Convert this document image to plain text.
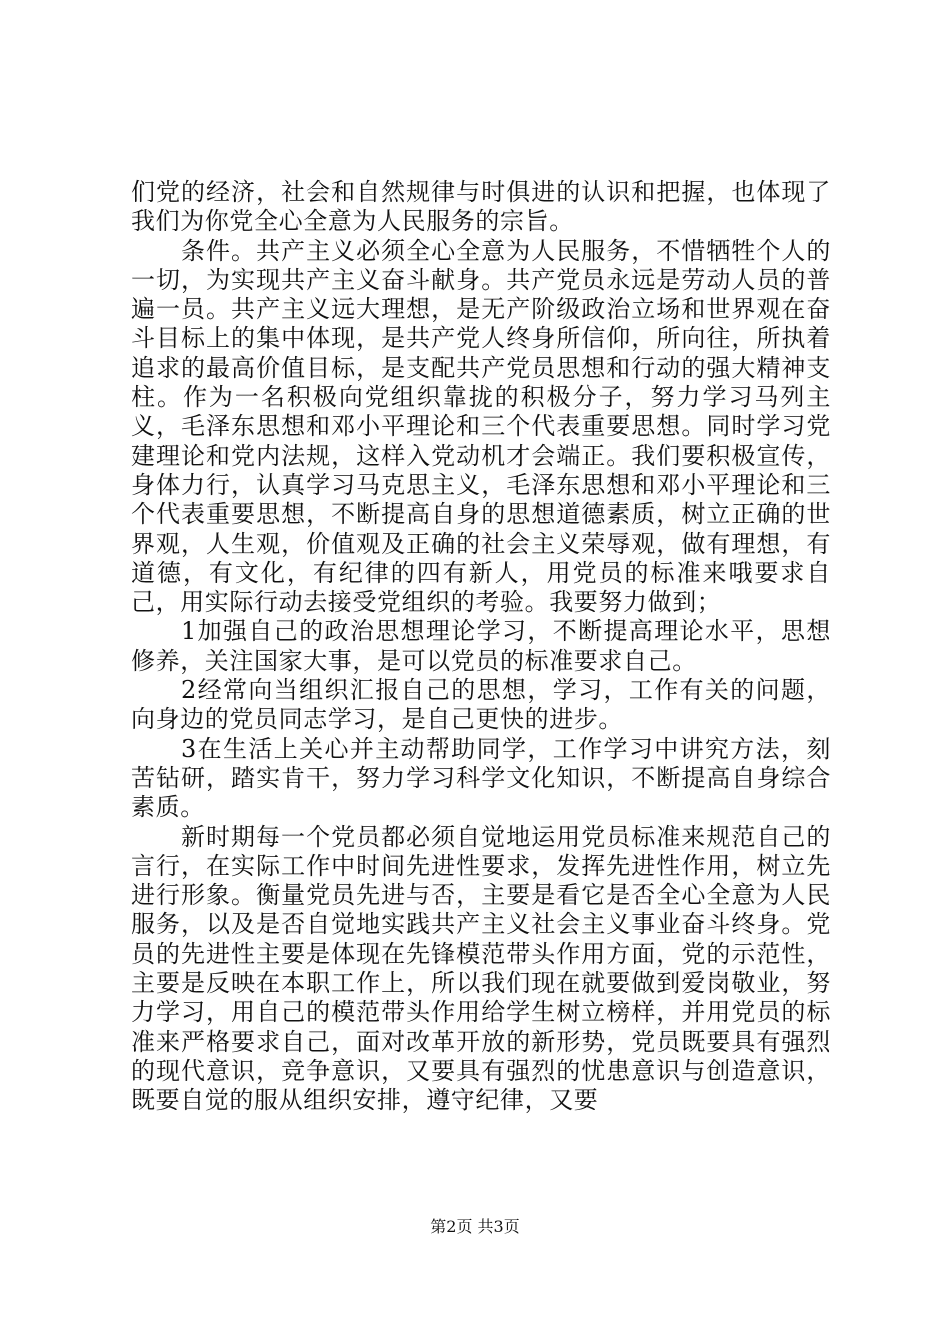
们党的经济，社会和自然规律与时俱进的认识和把握，也体现了我们为你党全心全意为人民服务的宗旨。

条件。共产主义必须全心全意为人民服务，不惜牺牲个人的一切，为实现共产主义奋斗献身。共产党员永远是劳动人员的普遍一员。共产主义远大理想，是无产阶级政治立场和世界观在奋斗目标上的集中体现，是共产党人终身所信仰，所向往，所执着追求的最高价值目标，是支配共产党员思想和行动的强大精神支柱。作为一名积极向党组织靠拢的积极分子，努力学习马列主义，毛泽东思想和邓小平理论和三个代表重要思想。同时学习党建理论和党内法规，这样入党动机才会端正。我们要积极宣传，身体力行，认真学习马克思主义，毛泽东思想和邓小平理论和三个代表重要思想，不断提高自身的思想道德素质，树立正确的世界观，人生观，价值观及正确的社会主义荣辱观，做有理想，有道德，有文化，有纪律的四有新人，用党员的标准来哦要求自己，用实际行动去接受党组织的考验。我要努力做到；

1加强自己的政治思想理论学习，不断提高理论水平，思想修养，关注国家大事，是可以党员的标准要求自己。

2经常向当组织汇报自己的思想，学习，工作有关的问题，向身边的党员同志学习，是自己更快的进步。

3在生活上关心并主动帮助同学，工作学习中讲究方法，刻苦钻研，踏实肯干，努力学习科学文化知识，不断提高自身综合素质。

新时期每一个党员都必须自觉地运用党员标准来规范自己的言行，在实际工作中时间先进性要求，发挥先进性作用，树立先进行形象。衡量党员先进与否，主要是看它是否全心全意为人民服务，以及是否自觉地实践共产主义社会主义事业奋斗终身。党员的先进性主要是体现在先锋模范带头作用方面，党的示范性，主要是反映在本职工作上，所以我们现在就要做到爱岗敬业，努力学习，用自己的模范带头作用给学生树立榜样，并用党员的标准来严格要求自己，面对改革开放的新形势，党员既要具有强烈的现代意识，竞争意识，又要具有强烈的忧患意识与创造意识，既要自觉的服从组织安排，遵守纪律，又要

第2页 共3页
